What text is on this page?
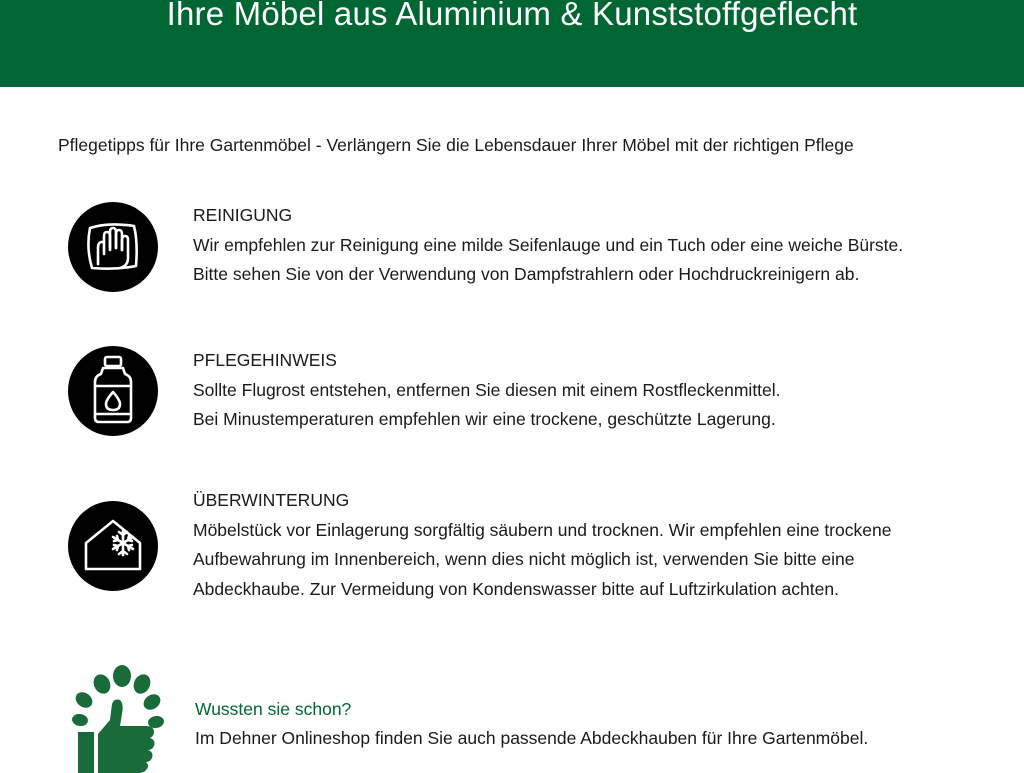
Ihre Möbel aus Aluminium & Kunststoffgeflecht
Pflegetipps für Ihre Gartenmöbel - Verlängern Sie die Lebensdauer Ihrer Möbel mit der richtigen Pflege
REINIGUNG
Wir empfehlen zur Reinigung eine milde Seifenlauge und ein Tuch oder eine weiche Bürste.
Bitte sehen Sie von der Verwendung von Dampfstrahlern oder Hochdruckreinigern ab.
PFLEGEHINWEIS
Sollte Flugrost entstehen, entfernen Sie diesen mit einem Rostfleckenmittel.
Bei Minustemperaturen empfehlen wir eine trockene, geschützte Lagerung.
ÜBERWINTERUNG
Möbelstück vor Einlagerung sorgfältig säubern und trocknen. Wir empfehlen eine trockene
Aufbewahrung im Innenbereich, wenn dies nicht möglich ist, verwenden Sie bitte eine
Abdeckhaube. Zur Vermeidung von Kondenswasser bitte auf Luftzirkulation achten.
Wussten sie schon?
Im Dehner Onlineshop finden Sie auch passende Abdeckhauben für Ihre Gartenmöbel.
